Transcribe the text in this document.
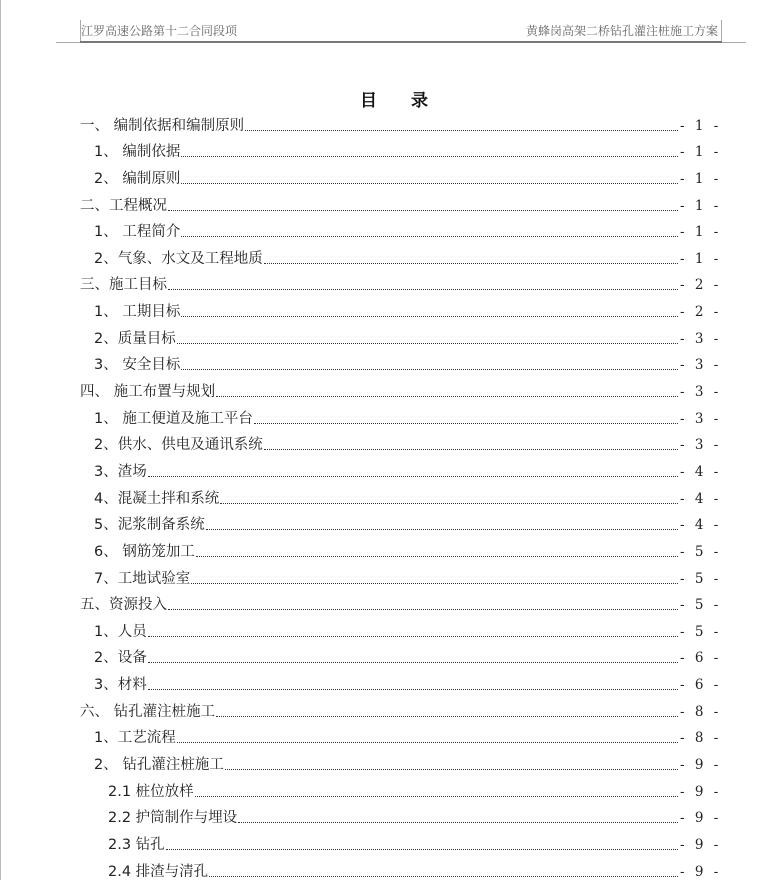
江罗高速公路第十二合同段项	黄蜂岗高架二桥钻孔灌注桩施工方案
目 录
一、 编制依据和编制原则	- 1 -
1、 编制依据	- 1 -
2、 编制原则	- 1 -
二、工程概况	- 1 -
1、 工程简介	- 1 -
2、气象、水文及工程地质	- 1 -
三、施工目标	- 2 -
1、 工期目标	- 2 -
2、质量目标	- 3 -
3、 安全目标	- 3 -
四、 施工布置与规划	- 3 -
1、 施工便道及施工平台	- 3 -
2、供水、供电及通讯系统	- 3 -
3、渣场	- 4 -
4、混凝土拌和系统	- 4 -
5、泥浆制备系统	- 4 -
6、 钢筋笼加工	- 5 -
7、工地试验室	- 5 -
五、资源投入	- 5 -
1、人员	- 5 -
2、设备	- 6 -
3、材料	- 6 -
六、 钻孔灌注桩施工	- 8 -
1、工艺流程	- 8 -
2、 钻孔灌注桩施工	- 9 -
2.1 桩位放样	- 9 -
2.2 护筒制作与埋设	- 9 -
2.3 钻孔	- 9 -
2.4 排渣与清孔	- 9 -
